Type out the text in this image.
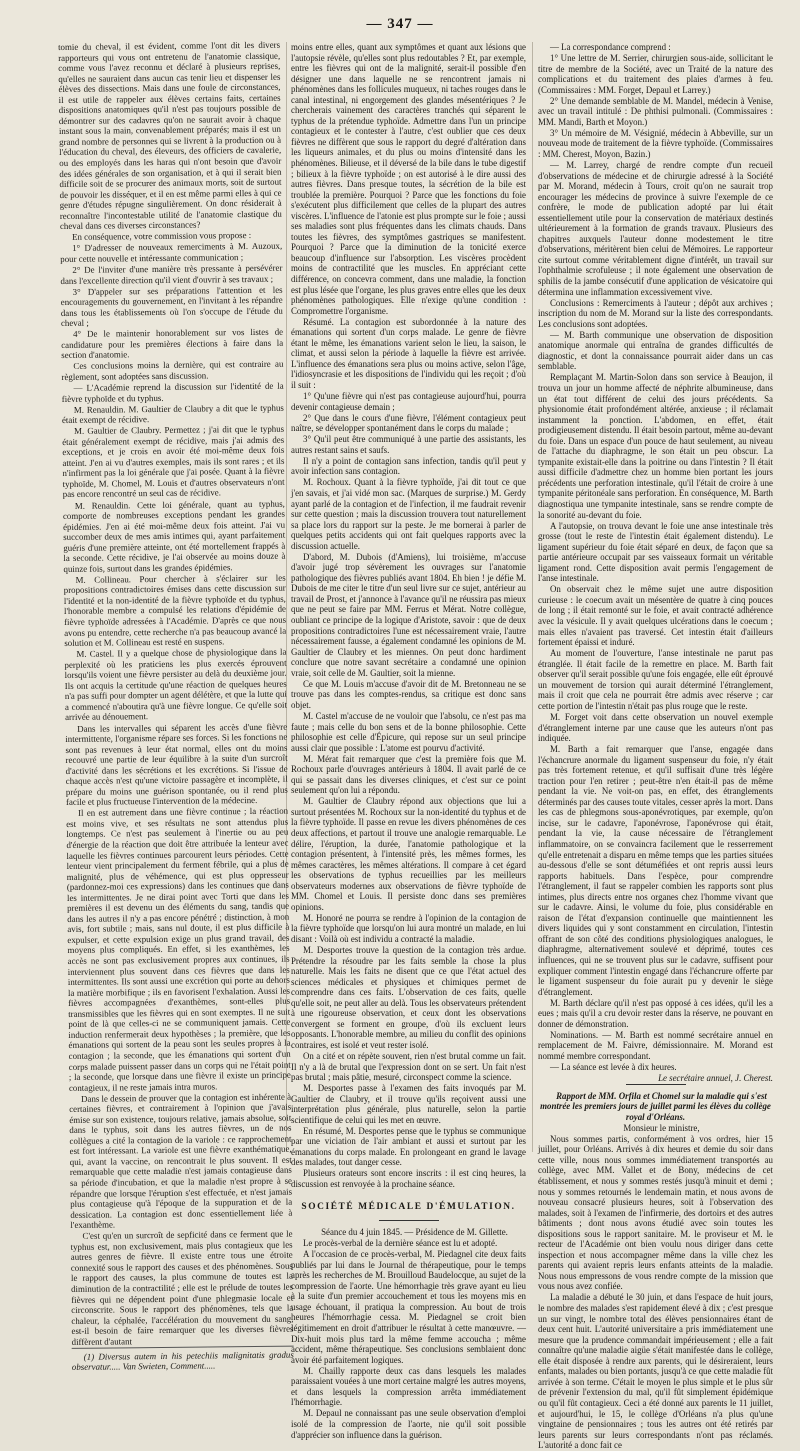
— 347 —

tomie du cheval, il est évident, comme l'ont dit les divers rapporteurs qui vous ont entretenu de l'anatomie classique, comme vous l'avez reconnu et déclaré à plusieurs reprises, qu'elles ne sauraient dans aucun cas tenir lieu et dispenser les élèves des dissections. Mais dans une foule de circonstances, il est utile de rappeler aux élèves certains faits, certaines dispositions anatomiques qu'il n'est pas toujours possible de démontrer sur des cadavres qu'on ne saurait avoir à chaque instant sous la main, convenablement préparés; mais il est un grand nombre de personnes qui se livrent à la production ou à l'éducation du cheval, des éleveurs, des officiers de cavalerie, ou des employés dans les haras qui n'ont besoin que d'avoir des idées générales de son organisation, et à qui il serait bien difficile soit de se procurer des animaux morts, soit de surtout de pouvoir les disséquer, et il en est même parmi elles à qui ce genre d'études répugne singulièrement. On donc résiderait à reconnaître l'incontestable utilité de l'anatomie clastique du cheval dans ces diverses circonstances?

En conséquence, votre commission vous propose :

1° D'adresser de nouveaux remerciments à M. Auzoux, pour cette nouvelle et intéressante communication ;

2° De l'inviter d'une manière très pressante à persévérer dans l'excellente direction qu'il vient d'ouvrir à ses travaux ;

3° D'appeler sur ses préparations l'attention et les encouragements du gouvernement, en l'invitant à les répandre dans tous les établissements où l'on s'occupe de l'étude du cheval ;

4° De le maintenir honorablement sur vos listes de candidature pour les premières élections à faire dans la section d'anatomie.

Ces conclusions moins la dernière, qui est contraire au règlement, sont adoptées sans discussion.

— L'Académie reprend la discussion sur l'identité de la fièvre typhoïde et du typhus.

M. Renauldin. M. Gaultier de Claubry a dit que le typhus était exempt de récidive.

M. Gaultier de Claubry. Permettez ; j'ai dit que le typhus était généralement exempt de récidive, mais j'ai admis des exceptions, et je crois en avoir été moi-même deux fois atteint. J'en ai vu d'autres exemples, mais ils sont rares ; et ils n'infirment pas la loi générale que j'ai posée. Quant à la fièvre typhoïde, M. Chomel, M. Louis et d'autres observateurs n'ont pas encore rencontré un seul cas de récidive.

M. Renauldin. Cette loi générale, quant au typhus, comporte de nombreuses exceptions pendant les grandes épidémies. J'en ai été moi-même deux fois atteint. J'ai vu succomber deux de mes amis intimes qui, ayant parfaitement guéris d'une première atteinte, ont été mortellement frappés à la seconde. Cette récidive, je l'ai observée au moins douze à quinze fois, surtout dans les grandes épidémies.

M. Collineau. Pour chercher à s'éclairer sur les propositions contradictoires émises dans cette discussion sur l'identité et la non-identité de la fièvre typhoïde et du typhus, l'honorable membre a compulsé les relations d'épidémie de fièvre typhoïde adressées à l'Académie. D'après ce que nous avons pu entendre, cette recherche n'a pas beaucoup avancé la solution et M. Collineau est resté en suspens.

M. Castel. Il y a quelque chose de physiologique dans la perplexité où les praticiens les plus exercés éprouvent lorsqu'ils voient une fièvre persister au delà du deuxième jour. Ils ont acquis la certitude qu'une réaction de quelques heures n'a pas suffi pour dompter un agent délétère, et que la lutte qui a commencé n'aboutira qu'à une fièvre longue. Ce qu'elle soit arrivée au dénouement.

Dans les intervalles qui séparent les accès d'une fièvre intermittente, l'organisme répare ses forces. Si les fonctions ne sont pas revenues à leur état normal, elles ont du moins recouvré une partie de leur équilibre à la suite d'un surcroît d'activité dans les sécrétions et les excrétions. Si l'issue de chaque accès n'est qu'une victoire passagère et incomplète, il prépare du moins une guérison spontanée, ou il rend plus facile et plus fructueuse l'intervention de la médecine.

Il en est autrement dans une fièvre continue ; la réaction est moins vive, et ses résultats ne sont attendus plus longtemps. Ce n'est pas seulement à l'inertie ou au peu d'énergie de la réaction que doit être attribuée la lenteur avec laquelle les fièvres continues parcourent leurs périodes. Cette lenteur vient principalement du ferment fébrile, qui a plus de malignité, plus de véhémence, qui est plus oppresseur (pardonnez-moi ces expressions) dans les continues que dans les intermittentes. Je ne dirai point avec Torti que dans les premières il est devenu un des éléments du sang, tandis que dans les autres il n'y a pas encore pénétré ; distinction, à mon avis, fort subtile ; mais, sans nul doute, il est plus difficile à expulser, et cette expulsion exige un plus grand travail, des moyens plus compliqués. En effet, si les exanthèmes, les accès ne sont pas exclusivement propres aux continues, ils interviennent plus souvent dans ces fièvres que dans les intermittentes. Ils sont aussi une excrétion qui porte au dehors la matière morbifique ; ils en favorisent l'exhalation. Aussi les fièvres accompagnées d'exanthèmes, sont-elles plus transmissibles que les fièvres qui en sont exemptes. Il ne suit point de là que celles-ci ne se communiquent jamais. Cette induction renfermerait deux hypothèses ; la première, que les émanations qui sortent de la peau sont les seules propres à la contagion ; la seconde, que les émanations qui sortent d'un corps malade puissent passer dans un corps qui ne l'était point ; la seconde, que lorsque dans une fièvre il existe un principe contagieux, il ne reste jamais intra muros.

Dans le dessein de prouver que la contagion est inhérente à certaines fièvres, et contrairement à l'opinion que j'avais émise sur son existence, toujours relative, jamais absolue, soit dans le typhus, soit dans les autres fièvres, un de nos collègues a cité la contagion de la variole : ce rapprochement est fort intéressant. La variole est une fièvre exanthématique, qui, avant la vaccine, on rencontrait le plus souvent. Il est remarquable que cette maladie n'est jamais contagieuse dans sa période d'incubation, et que la maladie n'est propre à se répandre que lorsque l'éruption s'est effectuée, et n'est jamais plus contagieuse qu'à l'époque de la suppuration et de la dessication. La contagion est donc essentiellement liée à l'exanthème.

C'est qu'en un surcroît de sepficité dans ce ferment que le typhus est, non exclusivement, mais plus contagieux que les autres genres de fièvre. Il existe entre tous une étroite connexité sous le rapport des causes et des phénomènes. Sous le rapport des causes, la plus commune de toutes est la diminution de la contractilité ; elle est le prélude de toutes les fièvres qui ne dépendent point d'une phlegmasie locale et circonscrite. Sous le rapport des phénomènes, tels que la chaleur, la céphalée, l'accélération du mouvement du sang, est-il besoin de faire remarquer que les diverses fièvres diffèrent d'autant

(1) Diversus autem in his petechiis malignitatis gradus observatur..... Van Swieten, Comment.....

moins entre elles, quant aux symptômes et quant aux lésions que l'autopsie révèle, qu'elles sont plus redoutables ? Et, par exemple, entre les fièvres qui ont de la malignité, serait-il possible d'en désigner une dans laquelle ne se rencontrent jamais ni phénomènes dans les follicules muqueux, ni taches rouges dans le canal intestinal, ni engorgement des glandes mésentériques ? Je chercherais vainement des caractères tranchés qui séparent le typhus de la prétendue typhoïde. Admettre dans l'un un principe contagieux et le contester à l'autre, c'est oublier que ces deux fièvres ne diffèrent que sous le rapport du degré d'altération dans les liqueurs animales, et du plus ou moins d'intensité dans les phénomènes. Bilieuse, et il déversé de la bile dans le tube digestif ; bilieux à la fièvre typhoïde ; on est autorisé à le dire aussi des autres fièvres. Dans presque toutes, la sécrétion de la bile est troublée la première. Pourquoi ? Parce que les fonctions du foie s'exécutent plus difficilement que celles de la plupart des autres viscères. L'influence de l'atonie est plus prompte sur le foie ; aussi ses maladies sont plus fréquentes dans les climats chauds. Dans toutes les fièvres, des symptômes gastriques se manifestent. Pourquoi ? Parce que la diminution de la tonicité exerce beaucoup d'influence sur l'absorption. Les viscères procèdent moins de contractilité que les muscles. En appréciant cette différence, on concevra comment, dans une maladie, la fonction est plus lésée que l'organe, les plus graves entre elles que les deux phénomènes pathologiques. Elle n'exige qu'une condition : Compromettre l'organisme.

Résumé. La contagion est subordonnée à la nature des émanations qui sortent d'un corps malade. Le genre de fièvre étant le même, les émanations varient selon le lieu, la saison, le climat, et aussi selon la période à laquelle la fièvre est arrivée. L'influence des émanations sera plus ou moins active, selon l'âge, l'idiosyncrasie et les dispositions de l'individu qui les reçoit ; d'où il suit :

1° Qu'une fièvre qui n'est pas contagieuse aujourd'hui, pourra devenir contagieuse demain ;

2° Que dans le cours d'une fièvre, l'élément contagieux peut naître, se développer spontanément dans le corps du malade ;

3° Qu'il peut être communiqué à une partie des assistants, les autres restant sains et saufs.

Il n'y a point de contagion sans infection, tandis qu'il peut y avoir infection sans contagion.

M. Rochoux. Quant à la fièvre typhoïde, j'ai dit tout ce que j'en savais, et j'ai vidé mon sac. (Marques de surprise.) M. Gerdy ayant parlé de la contagion et de l'infection, il me faudrait revenir sur cette question ; mais la discussion trouvera tout naturellement sa place lors du rapport sur la peste. Je me bornerai à parler de quelques petits accidents qui ont fait quelques rapports avec la discussion actuelle.

D'abord, M. Dubois (d'Amiens), lui troisième, m'accuse d'avoir jugé trop sévèrement les ouvrages sur l'anatomie pathologique des fièvres publiés avant 1804. Eh bien ! je défie M. Dubois de me citer le titre d'un seul livre sur ce sujet, antérieur au travail de Prost, et j'annonce à l'avance qu'il ne réussira pas mieux que ne peut se faire par MM. Ferrus et Mérat. Notre collègue, oubliant ce principe de la logique d'Aristote, savoir : que de deux propositions contradictoires l'une est nécessairement vraie, l'autre nécessairement fausse, a également condamné les opinions de M. Gaultier de Claubry et les miennes. On peut donc hardiment conclure que notre savant secrétaire a condamné une opinion vraie, soit celle de M. Gaultier, soit la mienne.

Ce que M. Louis m'accuse d'avoir dit de M. Bretonneau ne se trouve pas dans les comptes-rendus, sa critique est donc sans objet.

M. Castel m'accuse de ne vouloir que l'absolu, ce n'est pas ma faute ; mais celle du bon sens et de la bonne philosophie. Cette philosophie est celle d'Épicure, qui repose sur un seul principe aussi clair que possible : L'atome est pourvu d'activité.

M. Mérat fait remarquer que c'est la première fois que M. Rochoux parle d'ouvrages antérieurs à 1804. Il avait parlé de ce qui se passait dans les diverses cliniques, et c'est sur ce point seulement qu'on lui a répondu.

M. Gaultier de Claubry répond aux objections que lui a surtout présentées M. Rochoux sur la non-identité du typhus et de la fièvre typhoïde. Il passe en revue les divers phénomènes de ces deux affections, et partout il trouve une analogie remarquable. Le délire, l'éruption, la durée, l'anatomie pathologique et la contagion présentent, à l'intensité près, les mêmes formes, les mêmes caractères, les mêmes altérations. Il compare à cet égard les observations de typhus recueillies par les meilleurs observateurs modernes aux observations de fièvre typhoïde de MM. Chomel et Louis. Il persiste donc dans ses premières opinions.

M. Honoré ne pourra se rendre à l'opinion de la contagion de la fièvre typhoïde que lorsqu'on lui aura montré un malade, en lui disant : Voilà où est individu a contracté la maladie.

M. Desportes trouve la question de la contagion très ardue. Prétendre la résoudre par les faits semble la chose la plus naturelle. Mais les faits ne disent que ce que l'état actuel des sciences médicales et physiques et chimiques permet de comprendre dans ces faits. L'observation de ces faits, quelle qu'elle soit, ne peut aller au delà. Tous les observateurs prétendent à une rigoureuse observation, et ceux dont les observations convergent se forment en groupe, d'où ils excluent leurs opposants. L'honorable membre, au milieu du conflit des opinions contraires, est isolé et veut rester isolé.

On a cité et on répète souvent, rien n'est brutal comme un fait. Il n'y a là de brutal que l'expression dont on se sert. Un fait n'est pas brutal ; mais pâtie, mesuré, circonspect comme la science.

M. Desportes passe à l'examen des faits invoqués par M. Gaultier de Claubry, et il trouve qu'ils reçoivent aussi une interprétation plus générale, plus naturelle, selon la partie scientifique de celui qui les met en œuvre.

En résumé, M. Desportes pense que le typhus se communique par une viciation de l'air ambiant et aussi et surtout par les émanations du corps malade. En prolongeant en grand le lavage des malades, tout danger cesse.

Plusieurs orateurs sont encore inscrits : il est cinq heures, la discussion est renvoyée à la prochaine séance.

SOCIÉTÉ MÉDICALE D'ÉMULATION.

Séance du 4 juin 1845. — Présidence de M. Gillette.

Le procès-verbal de la dernière séance est lu et adopté.

A l'occasion de ce procès-verbal, M. Piedagnel cite deux faits publiés par lui dans le Journal de thérapeutique, pour le temps après les recherches de M. Brouilloud Baudelocque, au sujet de la compression de l'aorte. Une hémorrhagie très grave ayant eu lieu à la suite d'un premier accouchement et tous les moyens mis en usage échouant, il pratiqua la compression. Au bout de trois heures l'hémorrhagie cessa. M. Piedagnel se croit bien légitimement en droit d'attribuer le résultat à cette manœuvre. — Dix-huit mois plus tard la même femme accoucha ; même accident, même thérapeutique. Ses conclusions semblaient donc avoir été parfaitement logiques.

M. Chailly rapporte deux cas dans lesquels les malades paraissaient vouées à une mort certaine malgré les autres moyens, et dans lesquels la compression arrêta immédiatement l'hémorrhagie.

M. Depaul ne connaissant pas une seule observation d'emploi isolé de la compression de l'aorte, nie qu'il soit possible d'apprécier son influence dans la guérison.

— La correspondance comprend :

1° Une lettre de M. Serrier, chirurgien sous-aide, sollicitant le titre de membre de la Société, avec un Traité de la nature des complications et du traitement des plaies d'armes à feu. (Commissaires : MM. Forget, Depaul et Larrey.)

2° Une demande semblable de M. Mandel, médecin à Venise, avec un travail intitulé : De phthisi pulmonali. (Commissaires : MM. Mandi, Barth et Moyon.)

3° Un mémoire de M. Vésignié, médecin à Abbeville, sur un nouveau mode de traitement de la fièvre typhoïde. (Commissaires : MM. Cherest, Moyon, Bazin.)

— M. Larrey, chargé de rendre compte d'un recueil d'observations de médecine et de chirurgie adressé à la Société par M. Morand, médecin à Tours, croit qu'on ne saurait trop encourager les médecins de province à suivre l'exemple de ce confrère, le mode de publication adopté par lui était essentiellement utile pour la conservation de matériaux destinés ultérieurement à la formation de grands travaux. Plusieurs des chapitres auxquels l'auteur donne modestement le titre d'observations, méritèrent bien celui de Mémoires. Le rapporteur cite surtout comme véritablement digne d'intérêt, un travail sur l'ophthalmie scrofuleuse ; il note également une observation de sphilis de la jambe consécutif d'une application de vésicatoire qui détermina une inflammation excessivement vive.

Conclusions : Remerciments à l'auteur ; dépôt aux archives ; inscription du nom de M. Morand sur la liste des correspondants. Les conclusions sont adoptées.

— M. Barth communique une observation de disposition anatomique anormale qui entraîna de grandes difficultés de diagnostic, et dont la connaissance pourrait aider dans un cas semblable.

Remplaçant M. Martin-Solon dans son service à Beaujon, il trouva un jour un homme affecté de néphrite albumineuse, dans un état tout différent de celui des jours précédents. Sa physionomie était profondément altérée, anxieuse ; il réclamait instamment la ponction. L'abdomen, en effet, était prodigieusement distendu. Il était besoin partout, même au-devant du foie. Dans un espace d'un pouce de haut seulement, au niveau de l'attache du diaphragme, le son était un peu obscur. La tympanite existait-elle dans la poitrine ou dans l'intestin ? Il était aussi difficile d'admettre chez un homme bien portant les jours précédents une perforation intestinale, qu'il l'était de croire à une tympanite péritonéale sans perforation. En conséquence, M. Barth diagnostiqua une tympanite intestinale, sans se rendre compte de la sonorité au-devant du foie.

A l'autopsie, on trouva devant le foie une anse intestinale très grosse (tout le reste de l'intestin était également distendu). Le ligament supérieur du foie était séparé en deux, de façon que sa partie antérieure occupait par ses vaisseaux formait un véritable ligament rond. Cette disposition avait permis l'engagement de l'anse intestinale.

On observait chez le même sujet une autre disposition curieuse : le coecum avait un mésentère de quatre à cinq pouces de long ; il était remonté sur le foie, et avait contracté adhérence avec la vésicule. Il y avait quelques ulcérations dans le coecum ; mais elles n'avaient pas traversé. Cet intestin était d'ailleurs fortement épaissi et induré.

Au moment de l'ouverture, l'anse intestinale ne parut pas étranglée. Il était facile de la remettre en place. M. Barth fait observer qu'il serait possible qu'une fois engagée, elle eût éprouvé un mouvement de torsion qui aurait déterminé l'étranglement, mais il croit que cela ne pourrait être admis avec réserve ; car cette portion de l'intestin n'était pas plus rouge que le reste.

M. Forget voit dans cette observation un nouvel exemple d'étranglement interne par une cause que les auteurs n'ont pas indiquée.

M. Barth a fait remarquer que l'anse, engagée dans l'échancrure anormale du ligament suspenseur du foie, n'y était pas très fortement retenue, et qu'il suffisait d'une très légère traction pour l'en retirer ; peut-être n'en était-il pas de même pendant la vie. Ne voit-on pas, en effet, des étranglements déterminés par des causes toute vitales, cesser après la mort. Dans les cas de phlegmons sous-aponévrotiques, par exemple, qu'on incise, sur le cadavre, l'aponévrose, l'aponévrose qui était, pendant la vie, la cause nécessaire de l'étranglement inflammatoire, on se convaincra facilement que le resserrement qu'elle entretenait a disparu en même temps que les parties situées au-dessous d'elle se sont détuméfiées et ont repris aussi leurs rapports habituels. Dans l'espèce, pour comprendre l'étranglement, il faut se rappeler combien les rapports sont plus intimes, plus directs entre nos organes chez l'homme vivant que sur le cadavre. Ainsi, le volume du foie, plus considérable en raison de l'état d'expansion continuelle que maintiennent les divers liquides qui y sont constamment en circulation, l'intestin offrant de son côté des conditions physiologiques analogues, le diaphragme, alternativement soulevé et déprimé, toutes ces influences, qui ne se trouvent plus sur le cadavre, suffisent pour expliquer comment l'intestin engagé dans l'échancrure offerte par le ligament suspenseur du foie aurait pu y devenir le siège d'étranglement.

M. Barth déclare qu'il n'est pas opposé à ces idées, qu'il les a eues ; mais qu'il a cru devoir rester dans la réserve, ne pouvant en donner de démonstration.

Nominations. — M. Barth est nommé secrétaire annuel en remplacement de M. Faivre, démissionnaire. M. Morand est nommé membre correspondant.

— La séance est levée à dix heures.

Le secrétaire annuel, J. Cherest.

Rapport de MM. Orfila et Chomel sur la maladie qui s'est montrée les premiers jours de juillet parmi les élèves du collège royal d'Orléans.

Monsieur le ministre,

Nous sommes partis, conformément à vos ordres, hier 15 juillet, pour Orléans. Arrivés à dix heures et demie du soir dans cette ville, nous nous sommes immédiatement transportés au collège, avec MM. Vallet et de Bony, médecins de cet établissement, et nous y sommes restés jusqu'à minuit et demi ; nous y sommes retournés le lendemain matin, et nous avons de nouveau consacré plusieurs heures, soit à l'observation des malades, soit à l'examen de l'infirmerie, des dortoirs et des autres bâtiments ; dont nous avons étudié avec soin toutes les dispositions sous le rapport sanitaire. M. le proviseur et M. le recteur de l'Académie ont bien voulu nous diriger dans cette inspection et nous accompagner même dans la ville chez les parents qui avaient repris leurs enfants atteints de la maladie. Nous nous empressons de vous rendre compte de la mission que vous nous avez confiée.

La maladie a débuté le 30 juin, et dans l'espace de huit jours, le nombre des malades s'est rapidement élevé à dix ; c'est presque un sur vingt, le nombre total des élèves pensionnaires étant de deux cent huit. L'autorité universitaire a pris immédiatement une mesure que la prudence commandait impérieusement ; elle a fait connaître qu'une maladie aigüe s'était manifestée dans le collège, elle était disposée à rendre aux parents, qui le désireraient, leurs enfants, malades ou bien portants, jusqu'à ce que cette maladie fût arrivée à son terme. C'était le moyen le plus simple et le plus sûr de prévenir l'extension du mal, qu'il fût simplement épidémique ou qu'il fût contagieux. Ceci a été donné aux parents le 11 juillet, et aujourd'hui, le 15, le collège d'Orléans n'a plus qu'une vingtaine de pensionnaires ; tous les autres ont été retirés par leurs parents sur leurs correspondants n'ont pas réclamés. L'autorité a donc fait ce
